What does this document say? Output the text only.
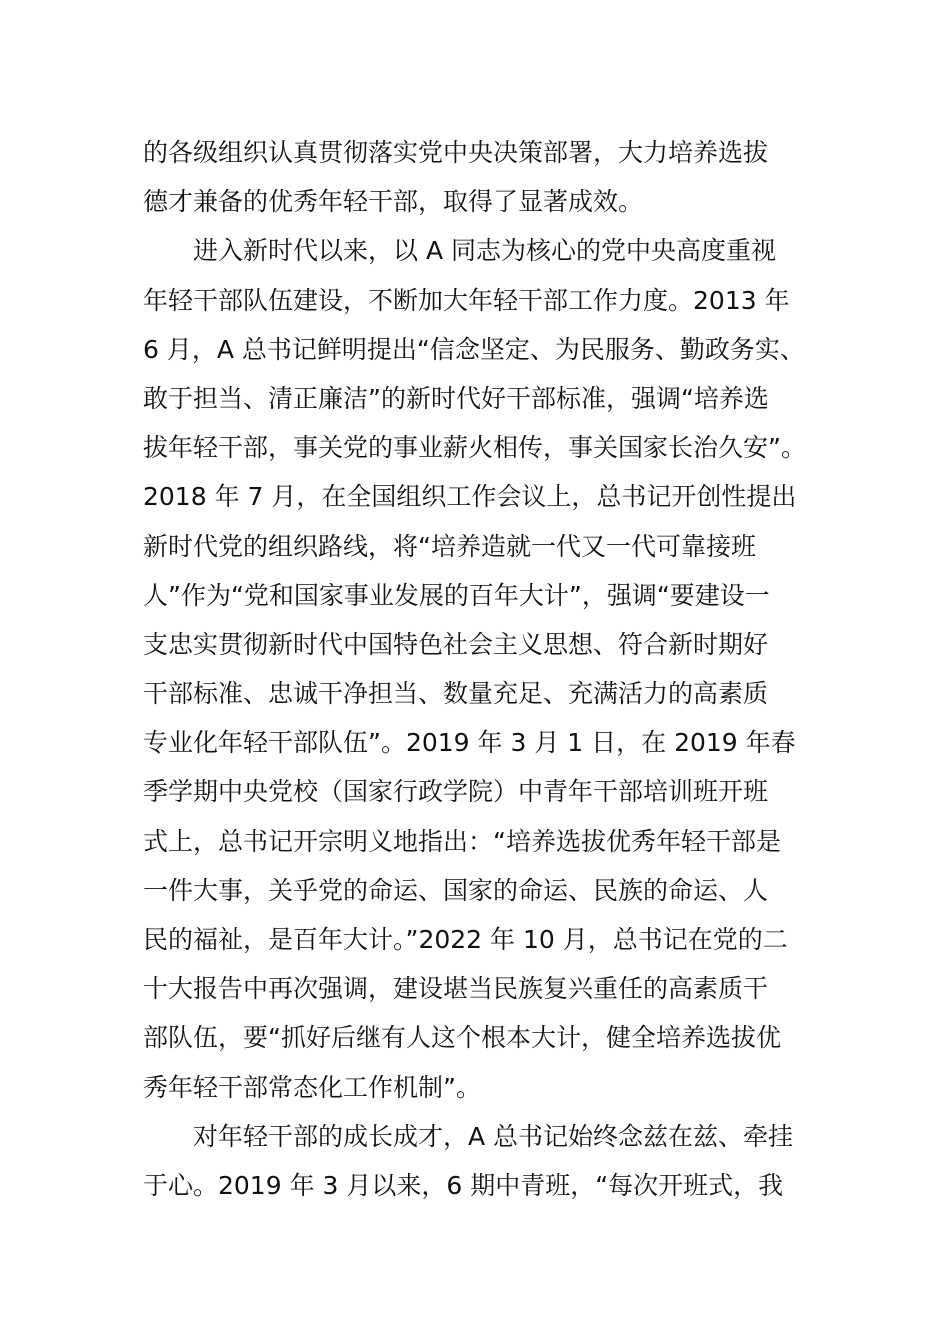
的各级组织认真贯彻落实党中央决策部署，大力培养选拔
德才兼备的优秀年轻干部，取得了显著成效。
进入新时代以来，以 A 同志为核心的党中央高度重视
年轻干部队伍建设，不断加大年轻干部工作力度。2013 年
6 月，A 总书记鲜明提出“信念坚定、为民服务、勤政务实、
敢于担当、清正廉洁”的新时代好干部标准，强调“培养选
拔年轻干部，事关党的事业薪火相传，事关国家长治久安”。
2018 年 7 月，在全国组织工作会议上，总书记开创性提出
新时代党的组织路线，将“培养造就一代又一代可靠接班
人”作为“党和国家事业发展的百年大计”，强调“要建设一
支忠实贯彻新时代中国特色社会主义思想、符合新时期好
干部标准、忠诚干净担当、数量充足、充满活力的高素质
专业化年轻干部队伍”。2019 年 3 月 1 日，在 2019 年春
季学期中央党校（国家行政学院）中青年干部培训班开班
式上，总书记开宗明义地指出：“培养选拔优秀年轻干部是
一件大事，关乎党的命运、国家的命运、民族的命运、人
民的福祉，是百年大计。”2022 年 10 月，总书记在党的二
十大报告中再次强调，建设堪当民族复兴重任的高素质干
部队伍，要“抓好后继有人这个根本大计，健全培养选拔优
秀年轻干部常态化工作机制”。
对年轻干部的成长成才，A 总书记始终念兹在兹、牵挂
于心。2019 年 3 月以来，6 期中青班，“每次开班式，我
